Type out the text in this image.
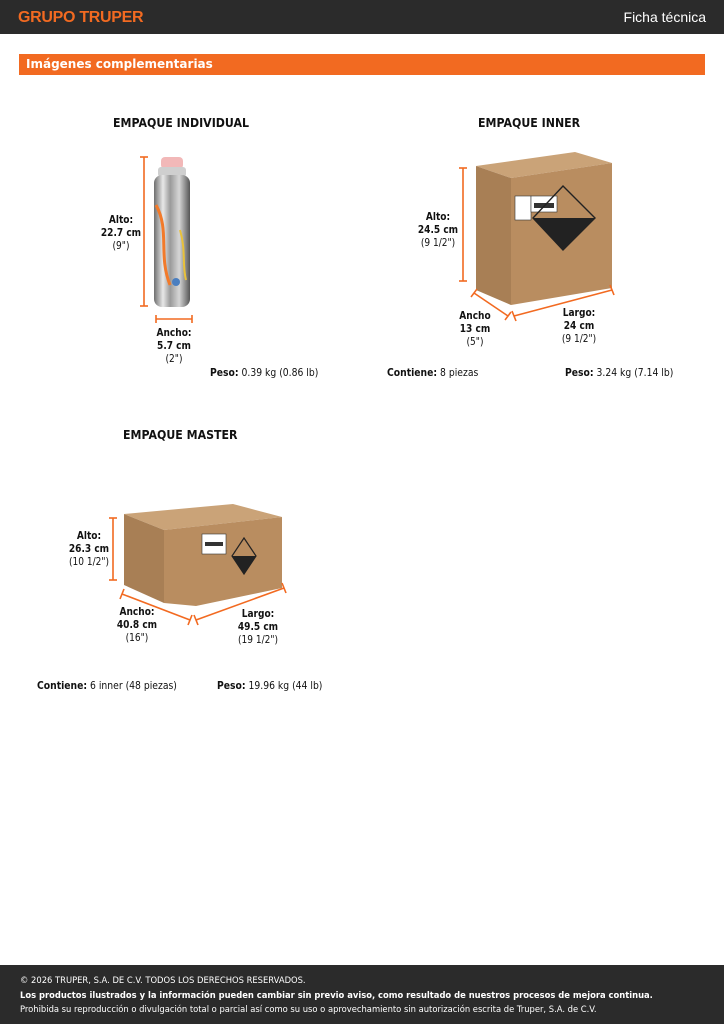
GRUPO TRUPER	Ficha técnica
Imágenes complementarias
EMPAQUE INDIVIDUAL
Alto:
22.7 cm
(9")
Ancho:
5.7 cm
(2")
Peso: 0.39 kg (0.86 lb)
EMPAQUE INNER
Alto:
24.5 cm
(9 1/2")
Ancho
13 cm
(5")
Largo:
24 cm
(9 1/2")
Contiene: 8 piezas	Peso: 3.24 kg (7.14 lb)
EMPAQUE MASTER
Alto:
26.3 cm
(10 1/2")
Ancho:
40.8 cm
(16")
Largo:
49.5 cm
(19 1/2")
Contiene: 6 inner (48 piezas)	Peso: 19.96 kg (44 lb)

© 2026 TRUPER, S.A. DE C.V. TODOS LOS DERECHOS RESERVADOS.

Los productos ilustrados y la información pueden cambiar sin previo aviso, como resultado de nuestros procesos de mejora continua.

Prohibida su reproducción o divulgación total o parcial así como su uso o aprovechamiento sin autorización escrita de Truper, S.A. de C.V.
